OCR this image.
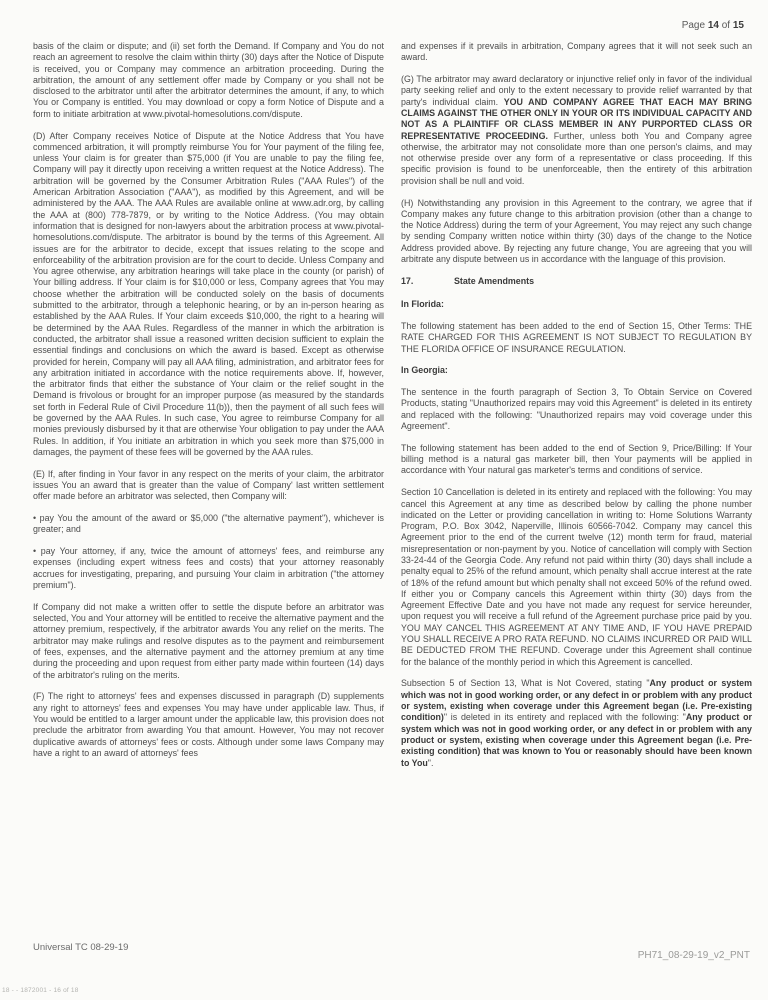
Page 14 of 15

basis of the claim or dispute; and (ii) set forth the Demand. If Company and You do not reach an agreement to resolve the claim within thirty (30) days after the Notice of Dispute is received, you or Company may commence an arbitration proceeding. During the arbitration, the amount of any settlement offer made by Company or you shall not be disclosed to the arbitrator until after the arbitrator determines the amount, if any, to which You or Company is entitled. You may download or copy a form Notice of Dispute and a form to initiate arbitration at www.pivotal-homesolutions.com/dispute.

(D) After Company receives Notice of Dispute at the Notice Address that You have commenced arbitration, it will promptly reimburse You for Your payment of the filing fee, unless Your claim is for greater than $75,000 (if You are unable to pay the filing fee, Company will pay it directly upon receiving a written request at the Notice Address). The arbitration will be governed by the Consumer Arbitration Rules ("AAA Rules") of the American Arbitration Association ("AAA"), as modified by this Agreement, and will be administered by the AAA. The AAA Rules are available online at www.adr.org, by calling the AAA at (800) 778-7879, or by writing to the Notice Address. (You may obtain information that is designed for non-lawyers about the arbitration process at www.pivotal-homesolutions.com/dispute. The arbitrator is bound by the terms of this Agreement. All issues are for the arbitrator to decide, except that issues relating to the scope and enforceability of the arbitration provision are for the court to decide. Unless Company and You agree otherwise, any arbitration hearings will take place in the county (or parish) of Your billing address. If Your claim is for $10,000 or less, Company agrees that You may choose whether the arbitration will be conducted solely on the basis of documents submitted to the arbitrator, through a telephonic hearing, or by an in-person hearing as established by the AAA Rules. If Your claim exceeds $10,000, the right to a hearing will be determined by the AAA Rules. Regardless of the manner in which the arbitration is conducted, the arbitrator shall issue a reasoned written decision sufficient to explain the essential findings and conclusions on which the award is based. Except as otherwise provided for herein, Company will pay all AAA filing, administration, and arbitrator fees for any arbitration initiated in accordance with the notice requirements above. If, however, the arbitrator finds that either the substance of Your claim or the relief sought in the Demand is frivolous or brought for an improper purpose (as measured by the standards set forth in Federal Rule of Civil Procedure 11(b)), then the payment of all such fees will be governed by the AAA Rules. In such case, You agree to reimburse Company for all monies previously disbursed by it that are otherwise Your obligation to pay under the AAA Rules. In addition, if You initiate an arbitration in which you seek more than $75,000 in damages, the payment of these fees will be governed by the AAA rules.

(E) If, after finding in Your favor in any respect on the merits of your claim, the arbitrator issues You an award that is greater than the value of Company' last written settlement offer made before an arbitrator was selected, then Company will:

• pay You the amount of the award or $5,000 ("the alternative payment"), whichever is greater; and

• pay Your attorney, if any, twice the amount of attorneys' fees, and reimburse any expenses (including expert witness fees and costs) that your attorney reasonably accrues for investigating, preparing, and pursuing Your claim in arbitration ("the attorney premium").

If Company did not make a written offer to settle the dispute before an arbitrator was selected, You and Your attorney will be entitled to receive the alternative payment and the attorney premium, respectively, if the arbitrator awards You any relief on the merits. The arbitrator may make rulings and resolve disputes as to the payment and reimbursement of fees, expenses, and the alternative payment and the attorney premium at any time during the proceeding and upon request from either party made within fourteen (14) days of the arbitrator's ruling on the merits.

(F) The right to attorneys' fees and expenses discussed in paragraph (D) supplements any right to attorneys' fees and expenses You may have under applicable law. Thus, if You would be entitled to a larger amount under the applicable law, this provision does not preclude the arbitrator from awarding You that amount. However, You may not recover duplicative awards of attorneys' fees or costs. Although under some laws Company may have a right to an award of attorneys' fees

and expenses if it prevails in arbitration, Company agrees that it will not seek such an award.

(G) The arbitrator may award declaratory or injunctive relief only in favor of the individual party seeking relief and only to the extent necessary to provide relief warranted by that party's individual claim. YOU AND COMPANY AGREE THAT EACH MAY BRING CLAIMS AGAINST THE OTHER ONLY IN YOUR OR ITS INDIVIDUAL CAPACITY AND NOT AS A PLAINTIFF OR CLASS MEMBER IN ANY PURPORTED CLASS OR REPRESENTATIVE PROCEEDING. Further, unless both You and Company agree otherwise, the arbitrator may not consolidate more than one person's claims, and may not otherwise preside over any form of a representative or class proceeding. If this specific provision is found to be unenforceable, then the entirety of this arbitration provision shall be null and void.

(H) Notwithstanding any provision in this Agreement to the contrary, we agree that if Company makes any future change to this arbitration provision (other than a change to the Notice Address) during the term of your Agreement, You may reject any such change by sending Company written notice within thirty (30) days of the change to the Notice Address provided above. By rejecting any future change, You are agreeing that you will arbitrate any dispute between us in accordance with the language of this provision.

17.	State Amendments

In Florida:

The following statement has been added to the end of Section 15, Other Terms: THE RATE CHARGED FOR THIS AGREEMENT IS NOT SUBJECT TO REGULATION BY THE FLORIDA OFFICE OF INSURANCE REGULATION.

In Georgia:

The sentence in the fourth paragraph of Section 3, To Obtain Service on Covered Products, stating "Unauthorized repairs may void this Agreement" is deleted in its entirety and replaced with the following: "Unauthorized repairs may void coverage under this Agreement".

The following statement has been added to the end of Section 9, Price/Billing: If Your billing method is a natural gas marketer bill, then Your payments will be applied in accordance with Your natural gas marketer's terms and conditions of service.

Section 10 Cancellation is deleted in its entirety and replaced with the following: You may cancel this Agreement at any time as described below by calling the phone number indicated on the Letter or providing cancellation in writing to: Home Solutions Warranty Program, P.O. Box 3042, Naperville, Illinois 60566-7042. Company may cancel this Agreement prior to the end of the current twelve (12) month term for fraud, material misrepresentation or non-payment by you. Notice of cancellation will comply with Section 33-24-44 of the Georgia Code. Any refund not paid within thirty (30) days shall include a penalty equal to 25% of the refund amount, which penalty shall accrue interest at the rate of 18% of the refund amount but which penalty shall not exceed 50% of the refund owed. If either you or Company cancels this Agreement within thirty (30) days from the Agreement Effective Date and you have not made any request for service hereunder, upon request you will receive a full refund of the Agreement purchase price paid by you. YOU MAY CANCEL THIS AGREEMENT AT ANY TIME AND, IF YOU HAVE PREPAID YOU SHALL RECEIVE A PRO RATA REFUND. NO CLAIMS INCURRED OR PAID WILL BE DEDUCTED FROM THE REFUND. Coverage under this Agreement shall continue for the balance of the monthly period in which this Agreement is cancelled.

Subsection 5 of Section 13, What is Not Covered, stating "Any product or system which was not in good working order, or any defect in or problem with any product or system, existing when coverage under this Agreement began (i.e. Pre-existing condition)" is deleted in its entirety and replaced with the following: "Any product or system which was not in good working order, or any defect in or problem with any product or system, existing when coverage under this Agreement began (i.e. Pre-existing condition) that was known to You or reasonably should have been known to You".

Universal TC 08-29-19
PH71_08-29-19_v2_PNT
18 - - 1872001 - 16 of 18
